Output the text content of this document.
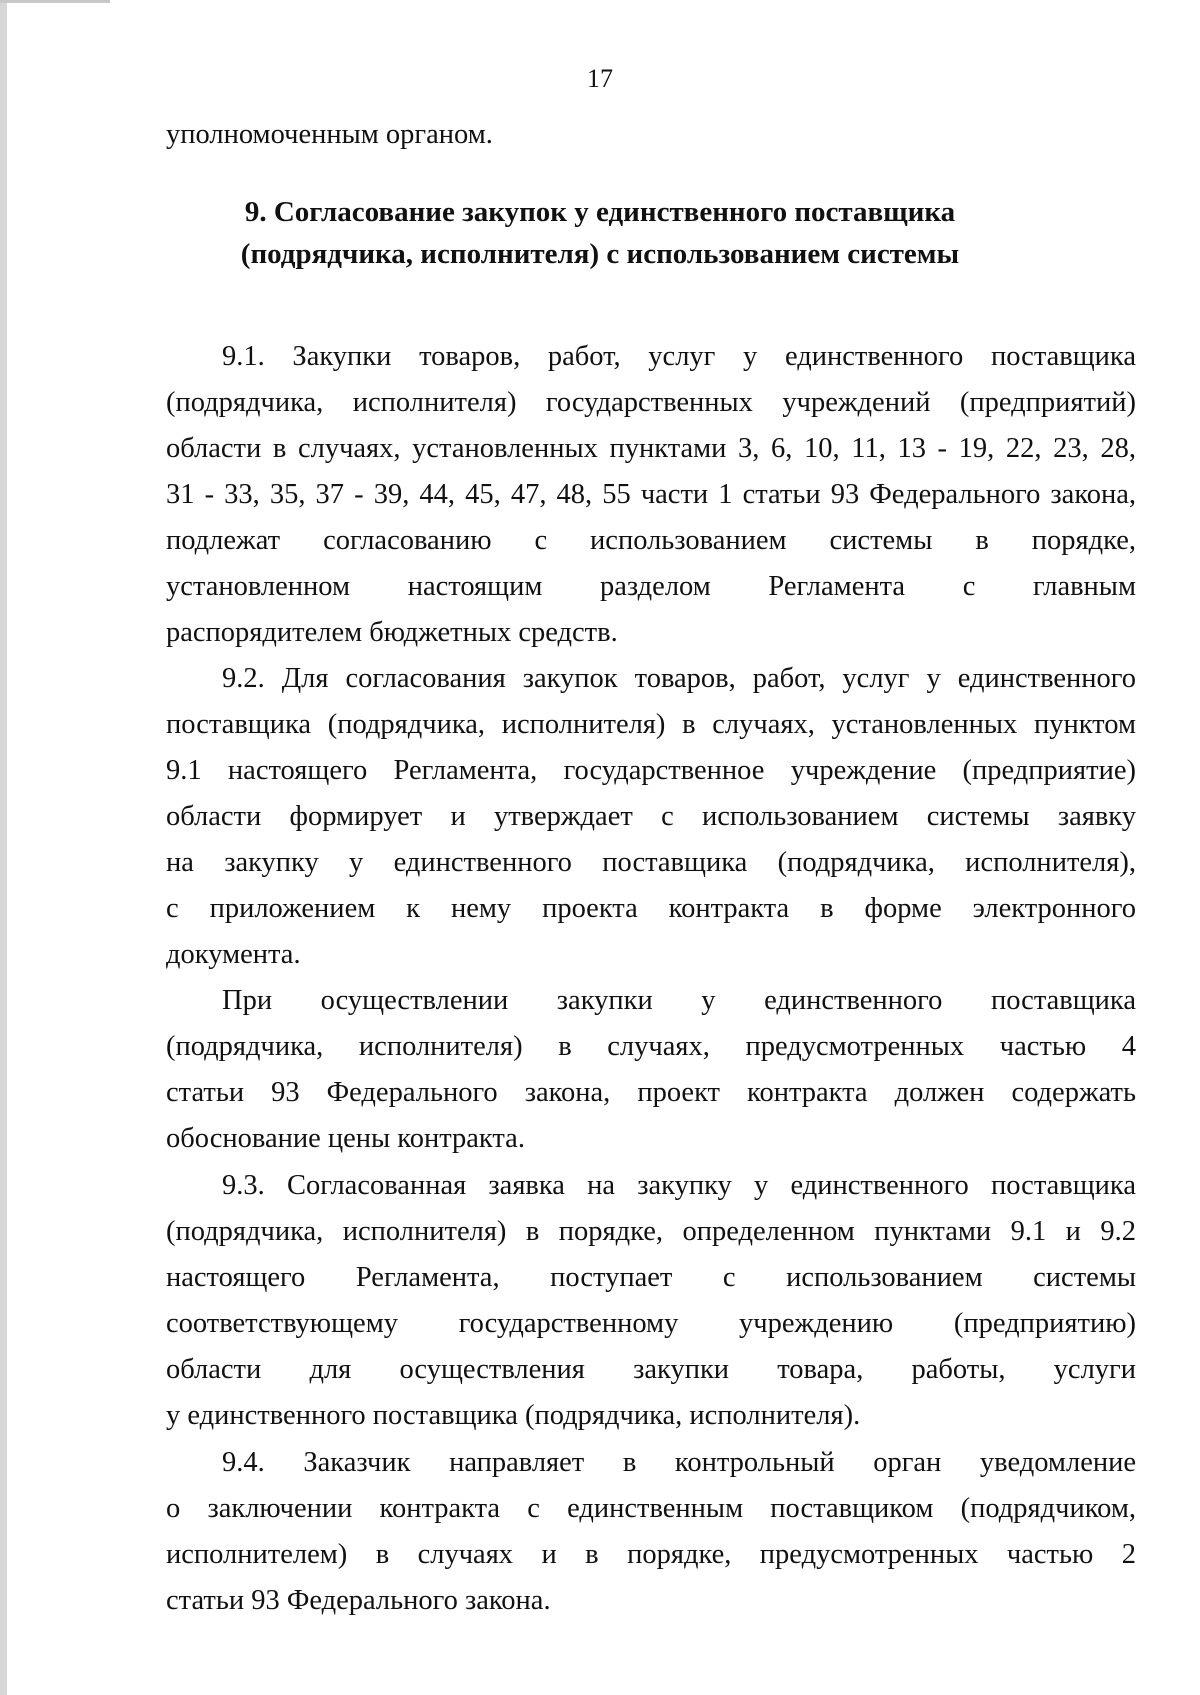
17
уполномоченным органом.
9. Согласование закупок у единственного поставщика
(подрядчика, исполнителя) с использованием системы
9.1. Закупки товаров, работ, услуг у единственного поставщика
(подрядчика, исполнителя) государственных учреждений (предприятий)
области в случаях, установленных пунктами 3, 6, 10, 11, 13 - 19, 22, 23, 28,
31 - 33, 35, 37 - 39, 44, 45, 47, 48, 55 части 1 статьи 93 Федерального закона,
подлежат согласованию с использованием системы в порядке,
установленном настоящим разделом Регламента с главным
распорядителем бюджетных средств.
9.2. Для согласования закупок товаров, работ, услуг у единственного
поставщика (подрядчика, исполнителя) в случаях, установленных пунктом
9.1 настоящего Регламента, государственное учреждение (предприятие)
области формирует и утверждает с использованием системы заявку
на закупку у единственного поставщика (подрядчика, исполнителя),
с приложением к нему проекта контракта в форме электронного
документа.
При осуществлении закупки у единственного поставщика
(подрядчика, исполнителя) в случаях, предусмотренных частью 4
статьи 93 Федерального закона, проект контракта должен содержать
обоснование цены контракта.
9.3. Согласованная заявка на закупку у единственного поставщика
(подрядчика, исполнителя) в порядке, определенном пунктами 9.1 и 9.2
настоящего Регламента, поступает с использованием системы
соответствующему государственному учреждению (предприятию)
области для осуществления закупки товара, работы, услуги
у единственного поставщика (подрядчика, исполнителя).
9.4. Заказчик направляет в контрольный орган уведомление
о заключении контракта с единственным поставщиком (подрядчиком,
исполнителем) в случаях и в порядке, предусмотренных частью 2
статьи 93 Федерального закона.
